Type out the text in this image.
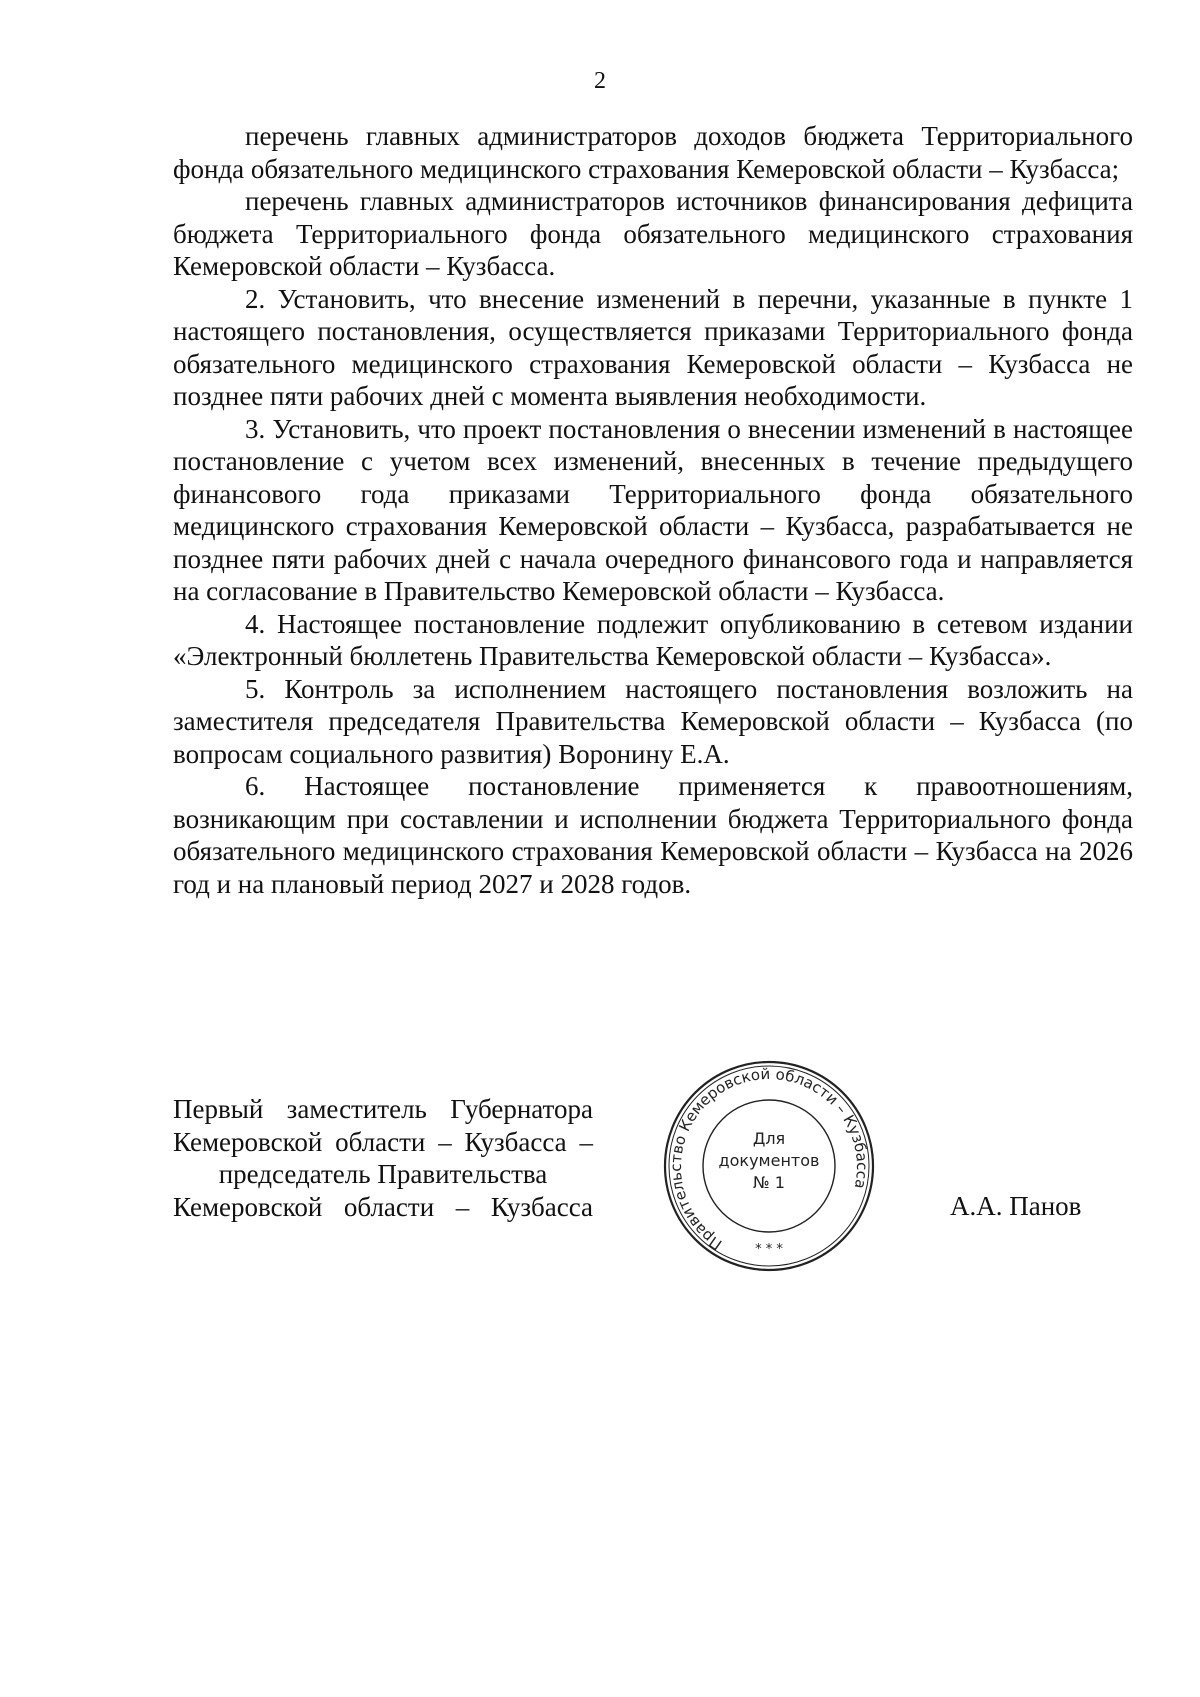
2

перечень главных администраторов доходов бюджета Территориального фонда обязательного медицинского страхования Кемеровской области – Кузбасса;

перечень главных администраторов источников финансирования дефицита бюджета Территориального фонда обязательного медицинского страхования Кемеровской области – Кузбасса.

2. Установить, что внесение изменений в перечни, указанные в пункте 1 настоящего постановления, осуществляется приказами Территориального фонда обязательного медицинского страхования Кемеровской области – Кузбасса не позднее пяти рабочих дней с момента выявления необходимости.

3. Установить, что проект постановления о внесении изменений в настоящее постановление с учетом всех изменений, внесенных в течение предыдущего финансового года приказами Территориального фонда обязательного медицинского страхования Кемеровской области – Кузбасса, разрабатывается не позднее пяти рабочих дней с начала очередного финансового года и направляется на согласование в Правительство Кемеровской области – Кузбасса.

4. Настоящее постановление подлежит опубликованию в сетевом издании «Электронный бюллетень Правительства Кемеровской области – Кузбасса».

5. Контроль за исполнением настоящего постановления возложить на заместителя председателя Правительства Кемеровской области – Кузбасса (по вопросам социального развития) Воронину Е.А.

6. Настоящее постановление применяется к правоотношениям, возникающим при составлении и исполнении бюджета Территориального фонда обязательного медицинского страхования Кемеровской области – Кузбасса на 2026 год и на плановый период 2027 и 2028 годов.

Первый заместитель Губернатора
Кемеровской области – Кузбасса –
председатель Правительства
Кемеровской области – Кузбасса
Правительство Кемеровской области – Кузбасса
Для
документов
№ 1
* * *
А.А. Панов
